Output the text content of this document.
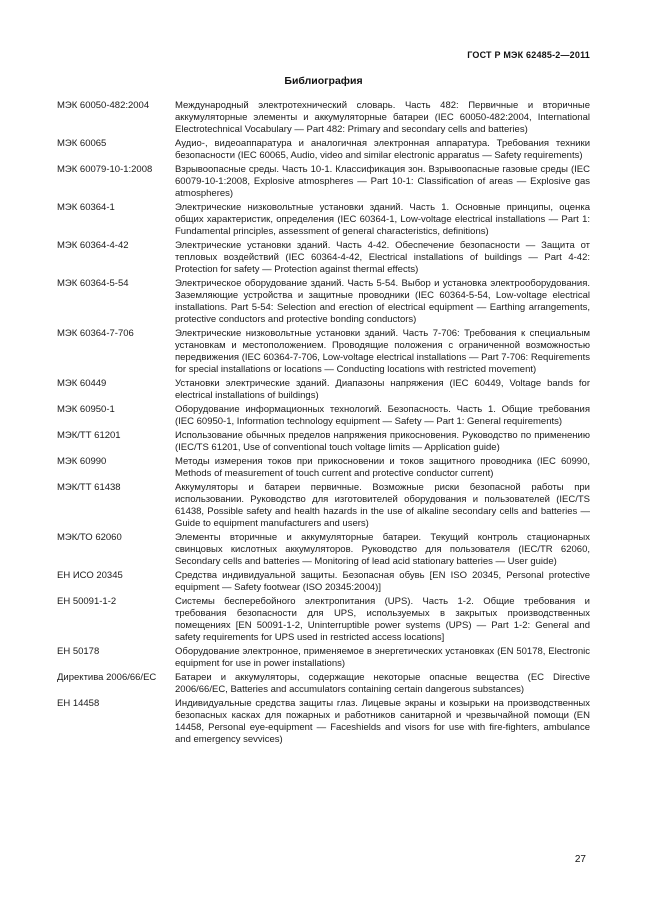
ГОСТ Р МЭК 62485-2—2011
Библиография
МЭК 60050-482:2004	Международный электротехнический словарь. Часть 482: Первичные и вторичные аккумуляторные элементы и аккумуляторные батареи (IEC 60050-482:2004, International Electrotechnical Vocabulary — Part 482: Primary and secondary cells and batteries)
МЭК 60065	Аудио-, видеоаппаратура и аналогичная электронная аппаратура. Требования техники безопасности (IEC 60065, Audio, video and similar electronic apparatus — Safety requirements)
МЭК 60079-10-1:2008	Взрывоопасные среды. Часть 10-1. Классификация зон. Взрывоопасные газовые среды (IEC 60079-10-1:2008, Explosive atmospheres — Part 10-1: Classification of areas — Explosive gas atmospheres)
МЭК 60364-1	Электрические низковольтные установки зданий. Часть 1. Основные принципы, оценка общих характеристик, определения (IEC 60364-1, Low-voltage electrical installations — Part 1: Fundamental principles, assessment of general characteristics, definitions)
МЭК 60364-4-42	Электрические установки зданий. Часть 4-42. Обеспечение безопасности — Защита от тепловых воздействий (IEC 60364-4-42, Electrical installations of buildings — Part 4-42: Protection for safety — Protection against thermal effects)
МЭК 60364-5-54	Электрическое оборудование зданий. Часть 5-54. Выбор и установка электрооборудования. Заземляющие устройства и защитные проводники (IEC 60364-5-54, Low-voltage electrical installations. Part 5-54: Selection and erection of electrical equipment — Earthing arrangements, protective conductors and protective bonding conductors)
МЭК 60364-7-706	Электрические низковольтные установки зданий. Часть 7-706: Требования к специальным установкам и местоположением. Проводящие положения с ограниченной возможностью передвижения (IEC 60364-7-706, Low-voltage electrical installations — Part 7-706: Requirements for special installations or locations — Conducting locations with restricted movement)
МЭК 60449	Установки электрические зданий. Диапазоны напряжения (IEC 60449, Voltage bands for electrical installations of buildings)
МЭК 60950-1	Оборудование информационных технологий. Безопасность. Часть 1. Общие требования (IEC 60950-1, Information technology equipment — Safety — Part 1: General requirements)
МЭК/ТТ 61201	Использование обычных пределов напряжения прикосновения. Руководство по применению (IEC/TS 61201, Use of conventional touch voltage limits — Application guide)
МЭК 60990	Методы измерения токов при прикосновении и токов защитного проводника (IEC 60990, Methods of measurement of touch current and protective conductor current)
МЭК/ТТ 61438	Аккумуляторы и батареи первичные. Возможные риски безопасной работы при использовании. Руководство для изготовителей оборудования и пользователей (IEC/TS 61438, Possible safety and health hazards in the use of alkaline secondary cells and batteries — Guide to equipment manufacturers and users)
МЭК/ТО 62060	Элементы вторичные и аккумуляторные батареи. Текущий контроль стационарных свинцовых кислотных аккумуляторов. Руководство для пользователя (IEC/TR 62060, Secondary cells and batteries — Monitoring of lead acid stationary batteries — User guide)
ЕН ИСО 20345	Средства индивидуальной защиты. Безопасная обувь [EN ISO 20345, Personal protective equipment — Safety footwear (ISO 20345:2004)]
ЕН 50091-1-2	Системы бесперебойного электропитания (UPS). Часть 1-2. Общие требования и требования безопасности для UPS, используемых в закрытых производственных помещениях [EN 50091-1-2, Uninterruptible power systems (UPS) — Part 1-2: General and safety requirements for UPS used in restricted access locations]
ЕН 50178	Оборудование электронное, применяемое в энергетических установках (EN 50178, Electronic equipment for use in power installations)
Директива 2006/66/ЕС	Батареи и аккумуляторы, содержащие некоторые опасные вещества (EC Directive 2006/66/EC, Batteries and accumulators containing certain dangerous substances)
ЕН 14458	Индивидуальные средства защиты глаз. Лицевые экраны и козырьки на производственных безопасных касках для пожарных и работников санитарной и чрезвычайной помощи (EN 14458, Personal eye-equipment — Faceshields and visors for use with fire-fighters, ambulance and emergency sevvices)
27
